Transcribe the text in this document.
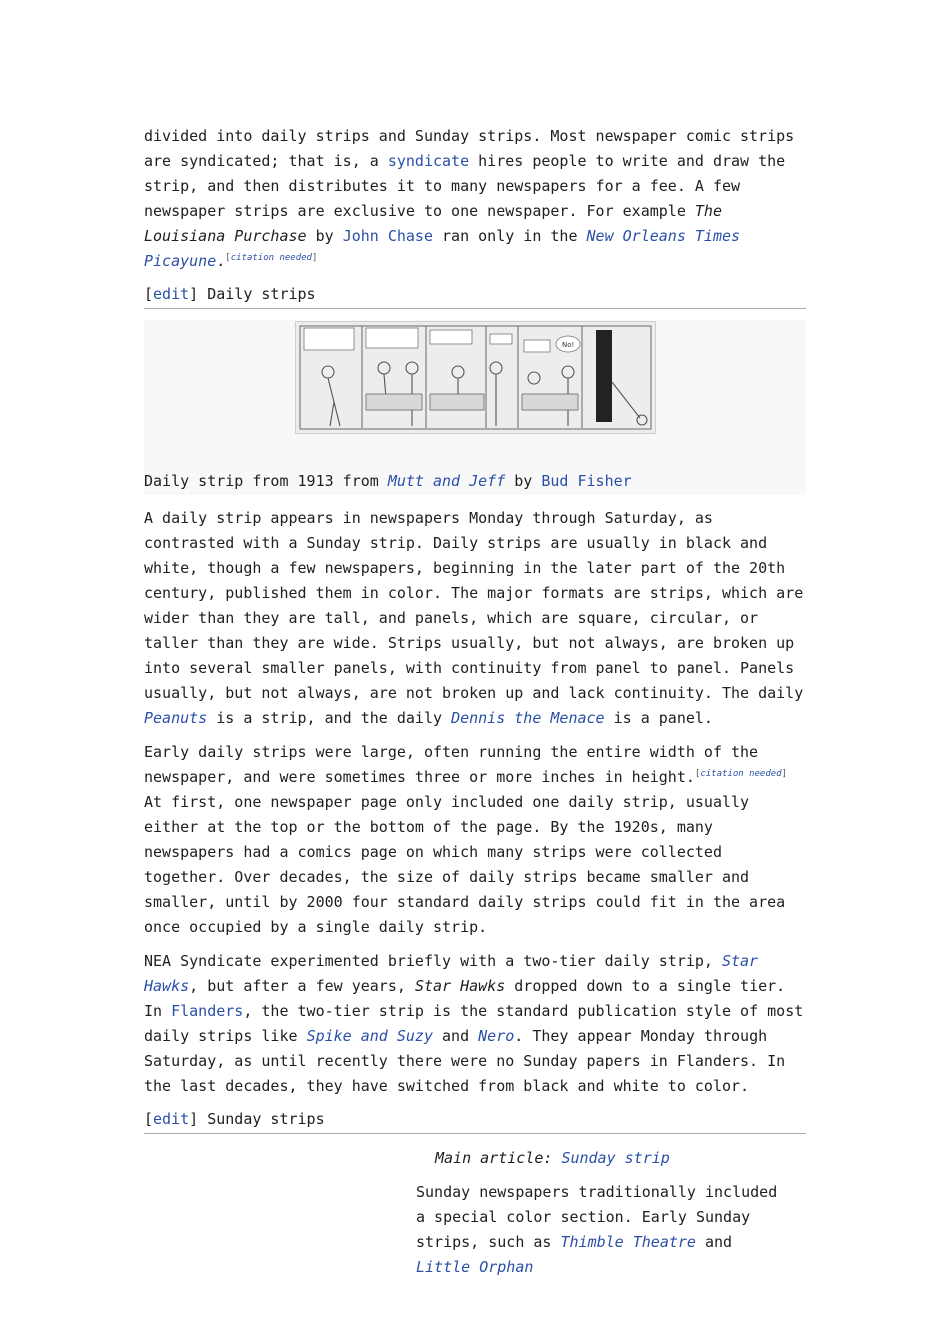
divided into daily strips and Sunday strips. Most newspaper comic strips are syndicated; that is, a syndicate hires people to write and draw the strip, and then distributes it to many newspapers for a fee. A few newspaper strips are exclusive to one newspaper. For example The Louisiana Purchase by John Chase ran only in the New Orleans Times Picayune.[citation needed]

[edit] Daily strips
No!
Daily strip from 1913 from Mutt and Jeff by Bud Fisher

A daily strip appears in newspapers Monday through Saturday, as contrasted with a Sunday strip. Daily strips are usually in black and white, though a few newspapers, beginning in the later part of the 20th century, published them in color. The major formats are strips, which are wider than they are tall, and panels, which are square, circular, or taller than they are wide. Strips usually, but not always, are broken up into several smaller panels, with continuity from panel to panel. Panels usually, but not always, are not broken up and lack continuity. The daily Peanuts is a strip, and the daily Dennis the Menace is a panel.

Early daily strips were large, often running the entire width of the newspaper, and were sometimes three or more inches in height.[citation needed] At first, one newspaper page only included one daily strip, usually either at the top or the bottom of the page. By the 1920s, many newspapers had a comics page on which many strips were collected together. Over decades, the size of daily strips became smaller and smaller, until by 2000 four standard daily strips could fit in the area once occupied by a single daily strip.

NEA Syndicate experimented briefly with a two-tier daily strip, Star Hawks, but after a few years, Star Hawks dropped down to a single tier. In Flanders, the two-tier strip is the standard publication style of most daily strips like Spike and Suzy and Nero. They appear Monday through Saturday, as until recently there were no Sunday papers in Flanders. In the last decades, they have switched from black and white to color.

[edit] Sunday strips
Main article: Sunday strip

Sunday newspapers traditionally included a special color section. Early Sunday strips, such as Thimble Theatre and Little Orphan
